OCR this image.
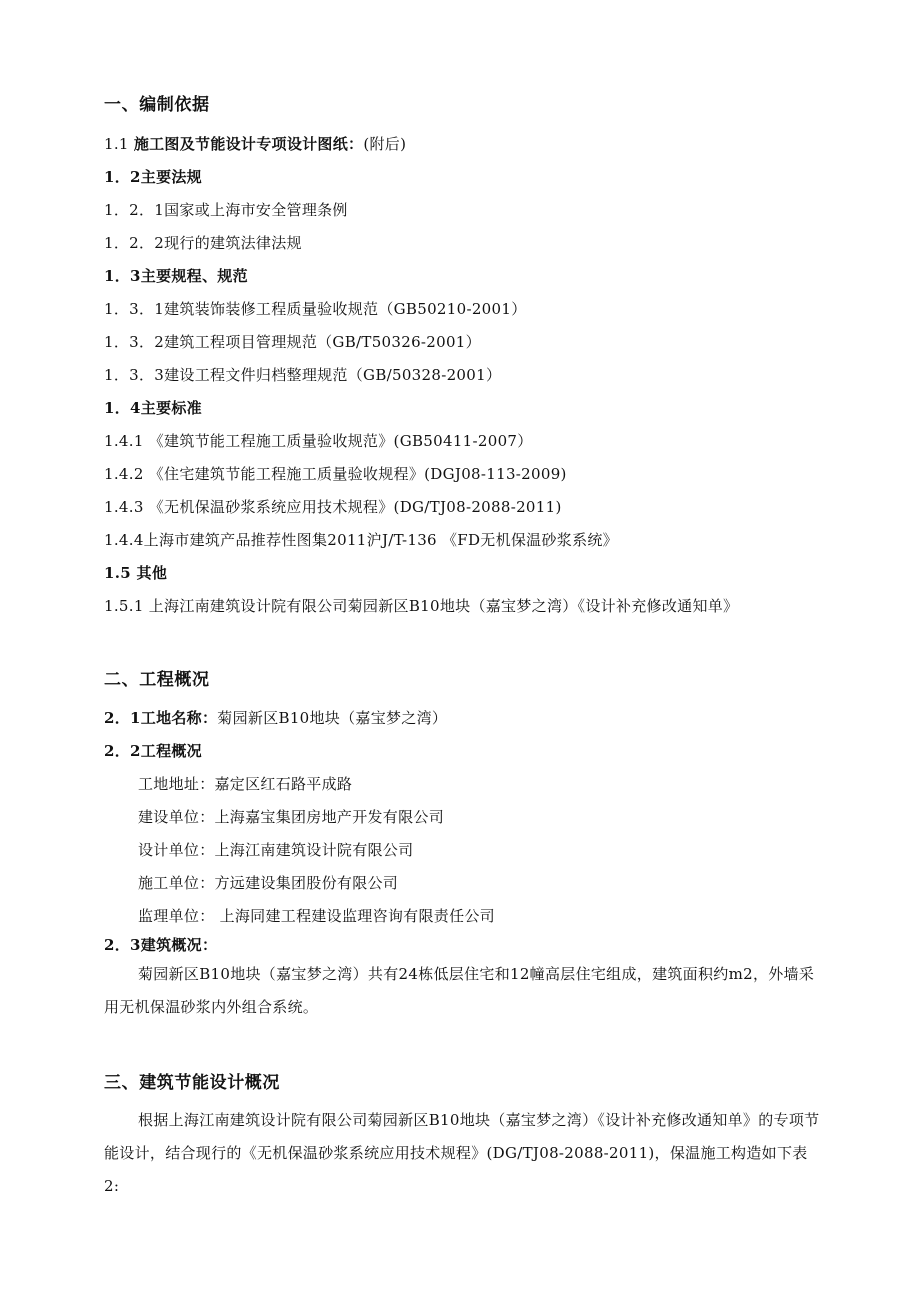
一、编制依据
1.1 施工图及节能设计专项设计图纸：(附后)
1．2主要法规
1．2．1国家或上海市安全管理条例
1．2．2现行的建筑法律法规
1．3主要规程、规范
1．3．1建筑装饰装修工程质量验收规范（GB50210-2001）
1．3．2建筑工程项目管理规范（GB/T50326-2001）
1．3．3建设工程文件归档整理规范（GB/50328-2001）
1．4主要标准
1.4.1 《建筑节能工程施工质量验收规范》(GB50411-2007）
1.4.2 《住宅建筑节能工程施工质量验收规程》(DGJ08-113-2009)
1.4.3 《无机保温砂浆系统应用技术规程》(DG/TJ08-2088-2011)
1.4.4上海市建筑产品推荐性图集2011沪J/T-136 《FD无机保温砂浆系统》
1.5 其他
1.5.1 上海江南建筑设计院有限公司菊园新区B10地块（嘉宝梦之湾）《设计补充修改通知单》
二、工程概况
2．1工地名称：菊园新区B10地块（嘉宝梦之湾）
2．2工程概况
工地地址：嘉定区红石路平成路
建设单位：上海嘉宝集团房地产开发有限公司
设计单位：上海江南建筑设计院有限公司
施工单位：方远建设集团股份有限公司
监理单位： 上海同建工程建设监理咨询有限责任公司
2．3建筑概况：
菊园新区B10地块（嘉宝梦之湾）共有24栋低层住宅和12幢高层住宅组成，建筑面积约m2，外墙采用无机保温砂浆内外组合系统。
三、建筑节能设计概况
根据上海江南建筑设计院有限公司菊园新区B10地块（嘉宝梦之湾）《设计补充修改通知单》的专项节能设计，结合现行的《无机保温砂浆系统应用技术规程》(DG/TJ08-2088-2011)，保温施工构造如下表2:
